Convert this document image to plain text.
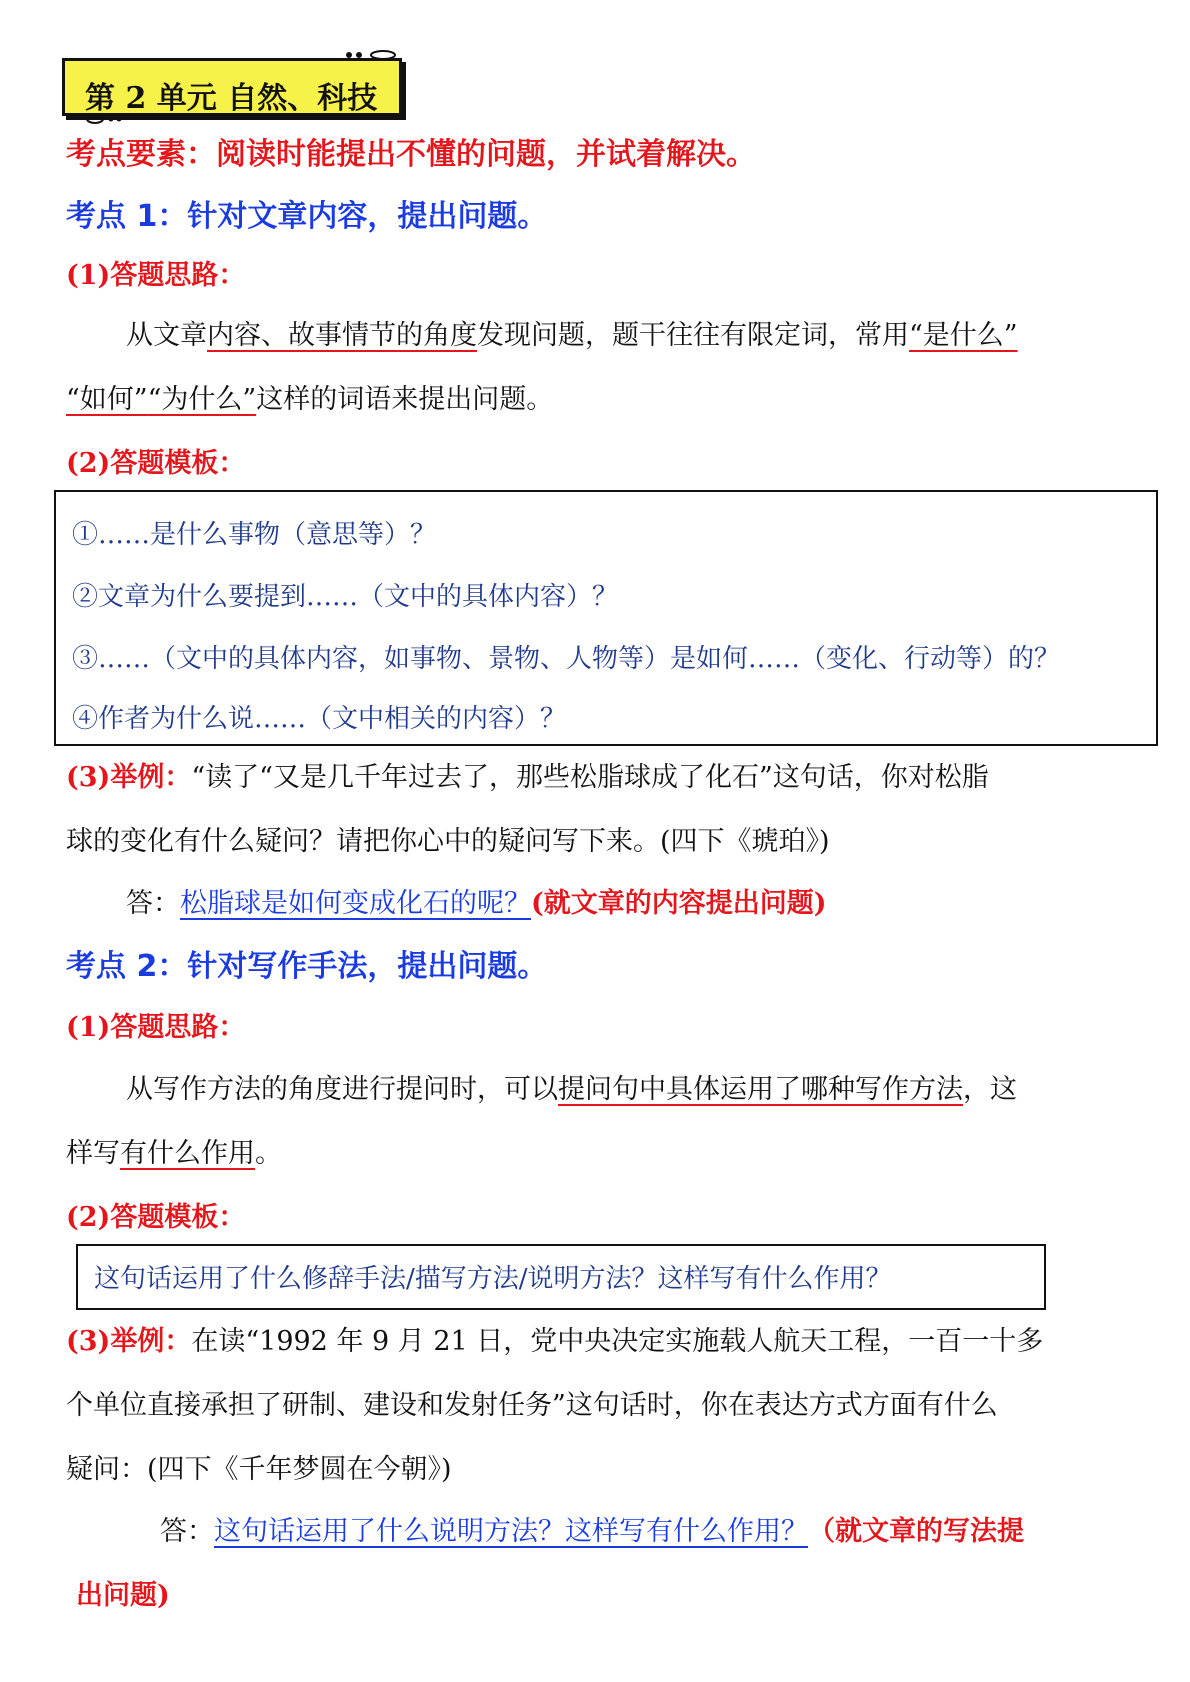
第 2 单元 自然、科技
考点要素：阅读时能提出不懂的问题，并试着解决。
考点 1：针对文章内容，提出问题。
(1)答题思路：
从文章内容、故事情节的角度发现问题，题干往往有限定词，常用“是什么”
“如何”“为什么”这样的词语来提出问题。
(2)答题模板：
①……是什么事物（意思等）？
②文章为什么要提到……（文中的具体内容）？
③……（文中的具体内容，如事物、景物、人物等）是如何……（变化、行动等）的？
④作者为什么说……（文中相关的内容）？
(3)举例：“读了“又是几千年过去了，那些松脂球成了化石”这句话，你对松脂
球的变化有什么疑问？请把你心中的疑问写下来。(四下《琥珀》)
答：松脂球是如何变成化石的呢？(就文章的内容提出问题)
考点 2：针对写作手法，提出问题。
(1)答题思路：
从写作方法的角度进行提问时，可以提问句中具体运用了哪种写作方法，这
样写有什么作用。
(2)答题模板：
这句话运用了什么修辞手法/描写方法/说明方法？这样写有什么作用？
(3)举例：在读“1992 年 9 月 21 日，党中央决定实施载人航天工程，一百一十多
个单位直接承担了研制、建设和发射任务”这句话时，你在表达方式方面有什么
疑问：(四下《千年梦圆在今朝》)
答：这句话运用了什么说明方法？这样写有什么作用？（就文章的写法提
出问题)
